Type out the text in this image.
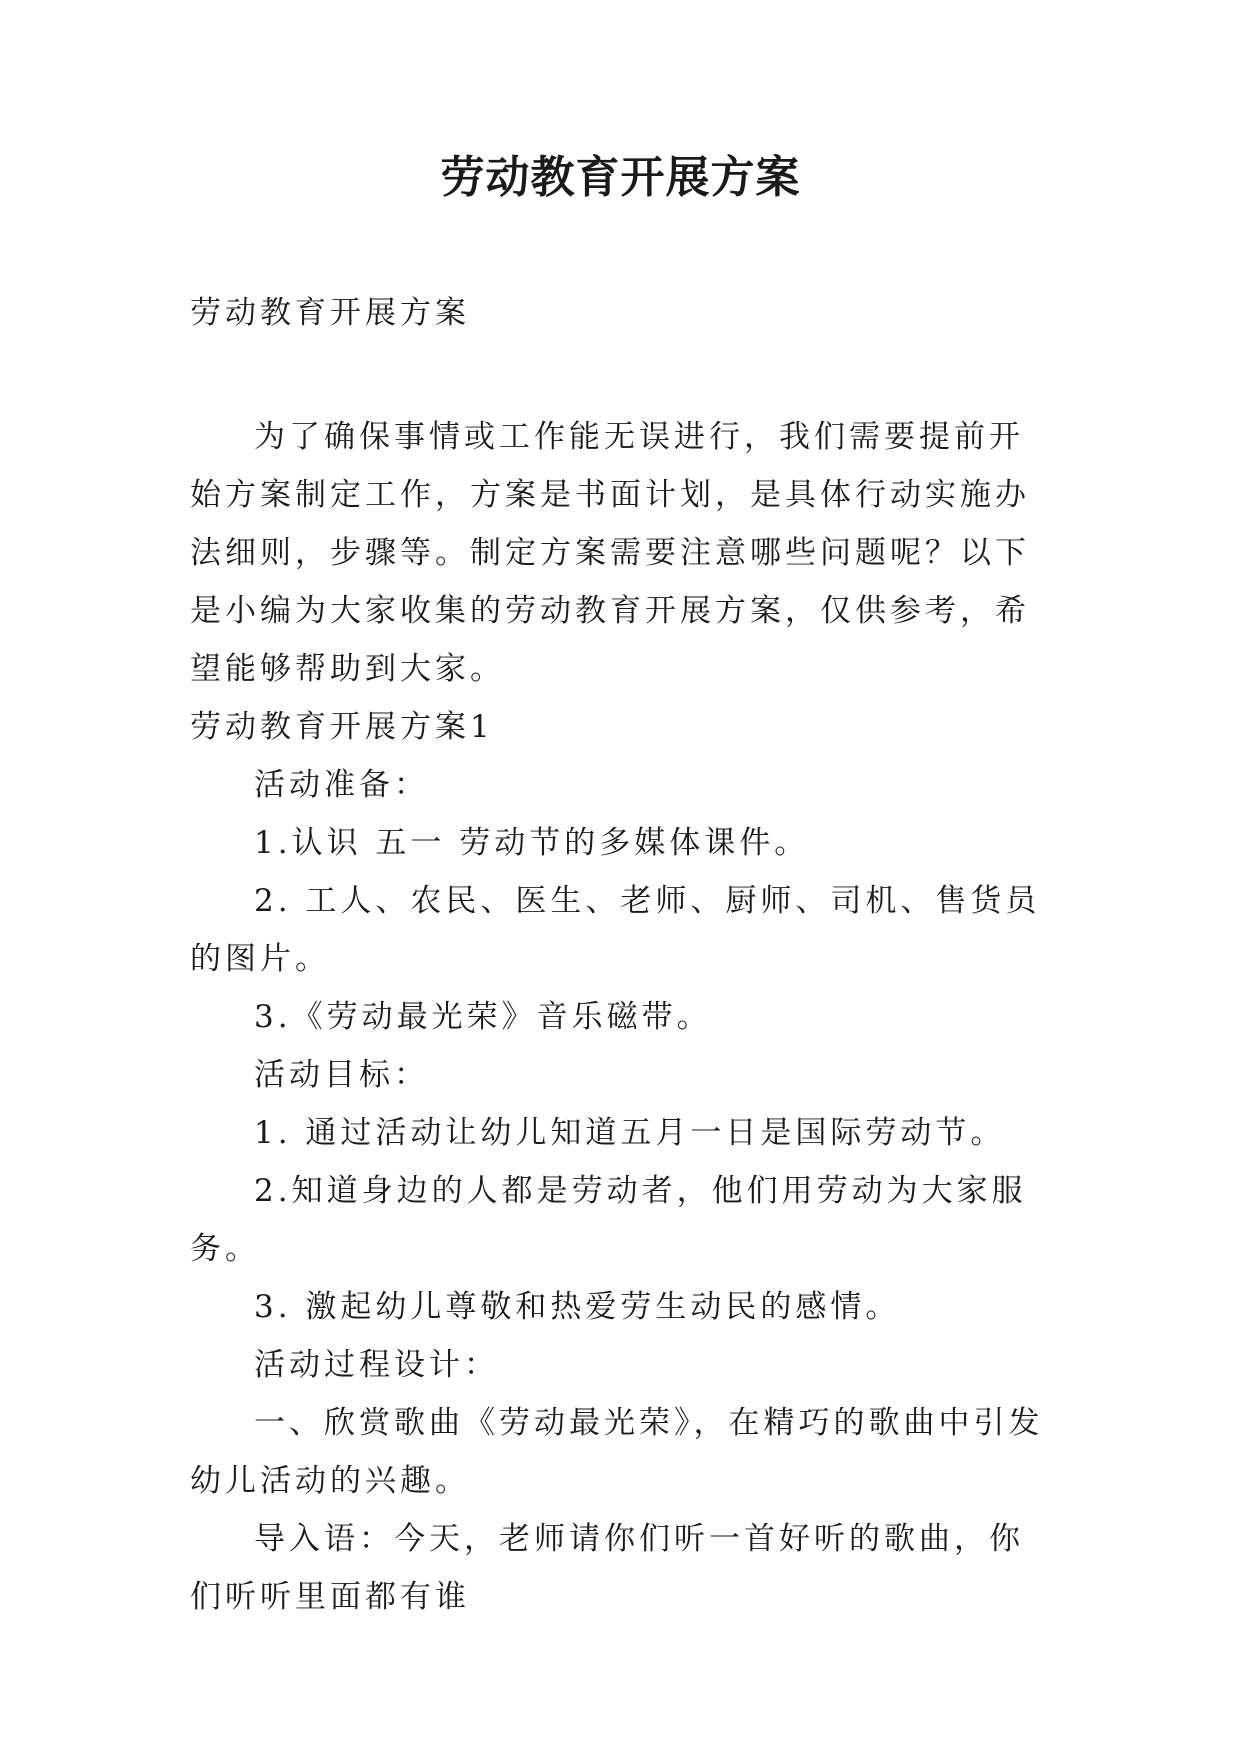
劳动教育开展方案
劳动教育开展方案

为了确保事情或工作能无误进行，我们需要提前开始方案制定工作，方案是书面计划，是具体行动实施办法细则，步骤等。制定方案需要注意哪些问题呢？以下是小编为大家收集的劳动教育开展方案，仅供参考，希望能够帮助到大家。

劳动教育开展方案1

活动准备：

1.认识 五一 劳动节的多媒体课件。

2. 工人、农民、医生、老师、厨师、司机、售货员的图片。

3.《劳动最光荣》音乐磁带。

活动目标：

1. 通过活动让幼儿知道五月一日是国际劳动节。

2.知道身边的人都是劳动者，他们用劳动为大家服务。

3. 激起幼儿尊敬和热爱劳生动民的感情。

活动过程设计：

一、欣赏歌曲《劳动最光荣》，在精巧的歌曲中引发幼儿活动的兴趣。

导入语：今天，老师请你们听一首好听的歌曲，你们听听里面都有谁
